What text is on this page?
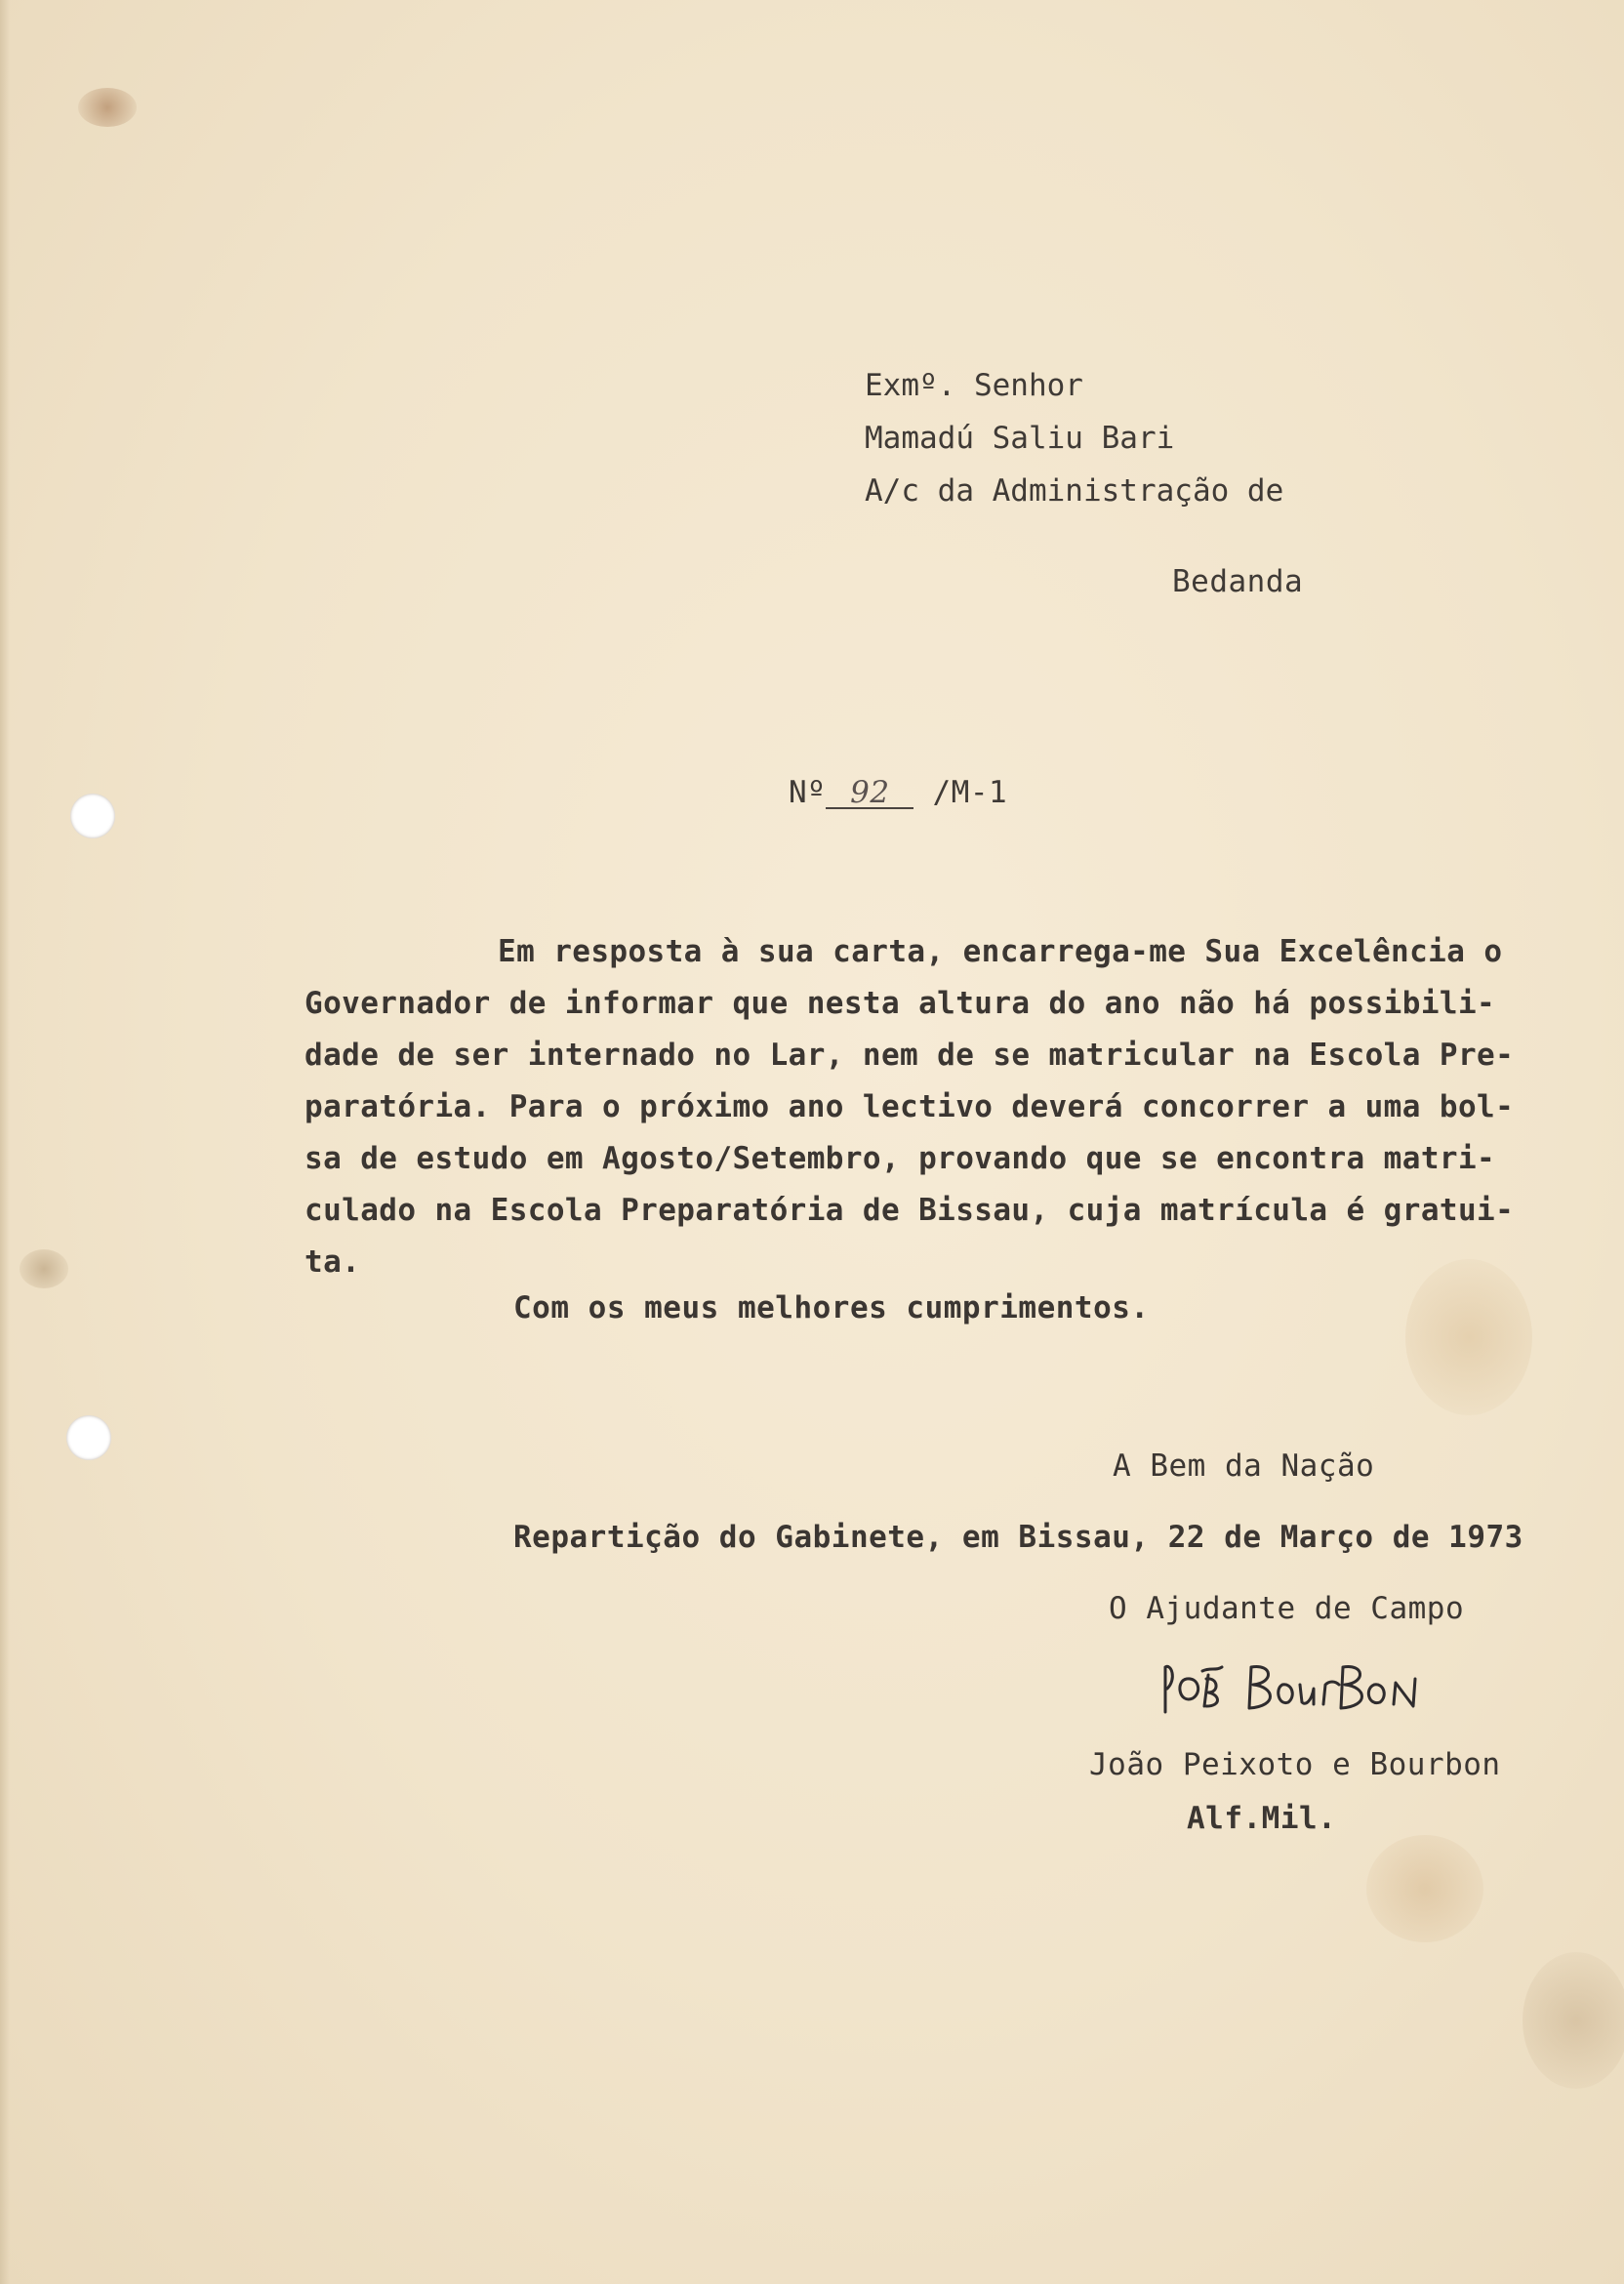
Exmº. Senhor
Mamadú Saliu Bari
A/c da Administração de
Bedanda
Nº 92 /M-1
Em resposta à sua carta, encarrega-me Sua Excelência o
Governador de informar que nesta altura do ano não há possibili-
dade de ser internado no Lar, nem de se matricular na Escola Pre-
paratória. Para o próximo ano lectivo deverá concorrer a uma bol-
sa de estudo em Agosto/Setembro, provando que se encontra matri-
culado na Escola Preparatória de Bissau, cuja matrícula é gratui-
ta.
Com os meus melhores cumprimentos.
A Bem da Nação
Repartição do Gabinete, em Bissau, 22 de Março de 1973
O Ajudante de Campo
João Peixoto e Bourbon
Alf.Mil.
